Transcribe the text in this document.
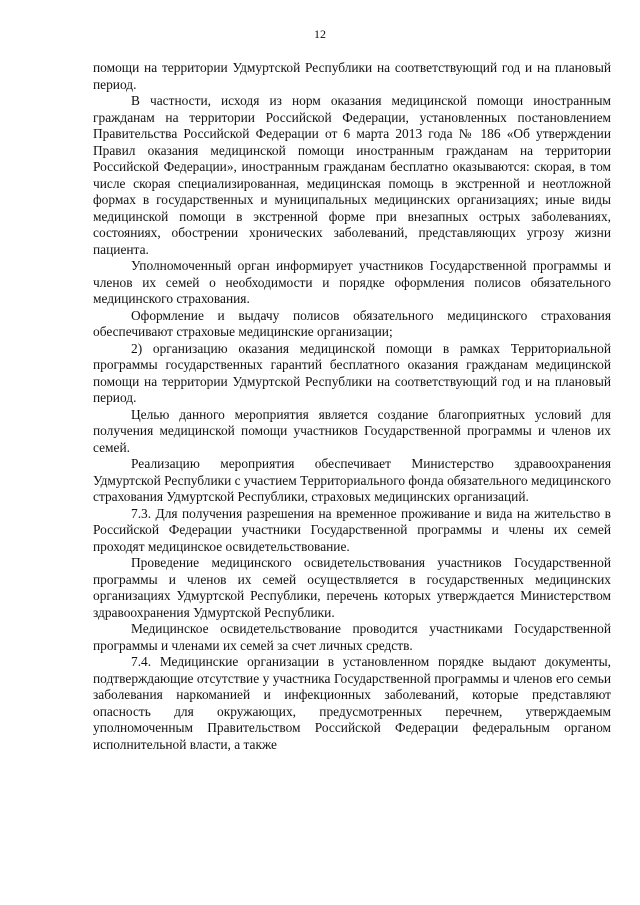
12

помощи на территории Удмуртской Республики на соответствующий год и на плановый период.

В частности, исходя из норм оказания медицинской помощи иностранным гражданам на территории Российской Федерации, установленных постановлением Правительства Российской Федерации от 6 марта 2013 года № 186 «Об утверждении Правил оказания медицинской помощи иностранным гражданам на территории Российской Федерации», иностранным гражданам бесплатно оказываются: скорая, в том числе скорая специализированная, медицинская помощь в экстренной и неотложной формах в государственных и муниципальных медицинских организациях; иные виды медицинской помощи в экстренной форме при внезапных острых заболеваниях, состояниях, обострении хронических заболеваний, представляющих угрозу жизни пациента.

Уполномоченный орган информирует участников Государственной программы и членов их семей о необходимости и порядке оформления полисов обязательного медицинского страхования.

Оформление и выдачу полисов обязательного медицинского страхования обеспечивают страховые медицинские организации;

2) организацию оказания медицинской помощи в рамках Территориальной программы государственных гарантий бесплатного оказания гражданам медицинской помощи на территории Удмуртской Республики на соответствующий год и на плановый период.

Целью данного мероприятия является создание благоприятных условий для получения медицинской помощи участников Государственной программы и членов их семей.

Реализацию мероприятия обеспечивает Министерство здравоохранения Удмуртской Республики с участием Территориального фонда обязательного медицинского страхования Удмуртской Республики, страховых медицинских организаций.

7.3. Для получения разрешения на временное проживание и вида на жительство в Российской Федерации участники Государственной программы и члены их семей проходят медицинское освидетельствование.

Проведение медицинского освидетельствования участников Государственной программы и членов их семей осуществляется в государственных медицинских организациях Удмуртской Республики, перечень которых утверждается Министерством здравоохранения Удмуртской Республики.

Медицинское освидетельствование проводится участниками Государственной программы и членами их семей за счет личных средств.

7.4. Медицинские организации в установленном порядке выдают документы, подтверждающие отсутствие у участника Государственной программы и членов его семьи заболевания наркоманией и инфекционных заболеваний, которые представляют опасность для окружающих, предусмотренных перечнем, утверждаемым уполномоченным Правительством Российской Федерации федеральным органом исполнительной власти, а также
